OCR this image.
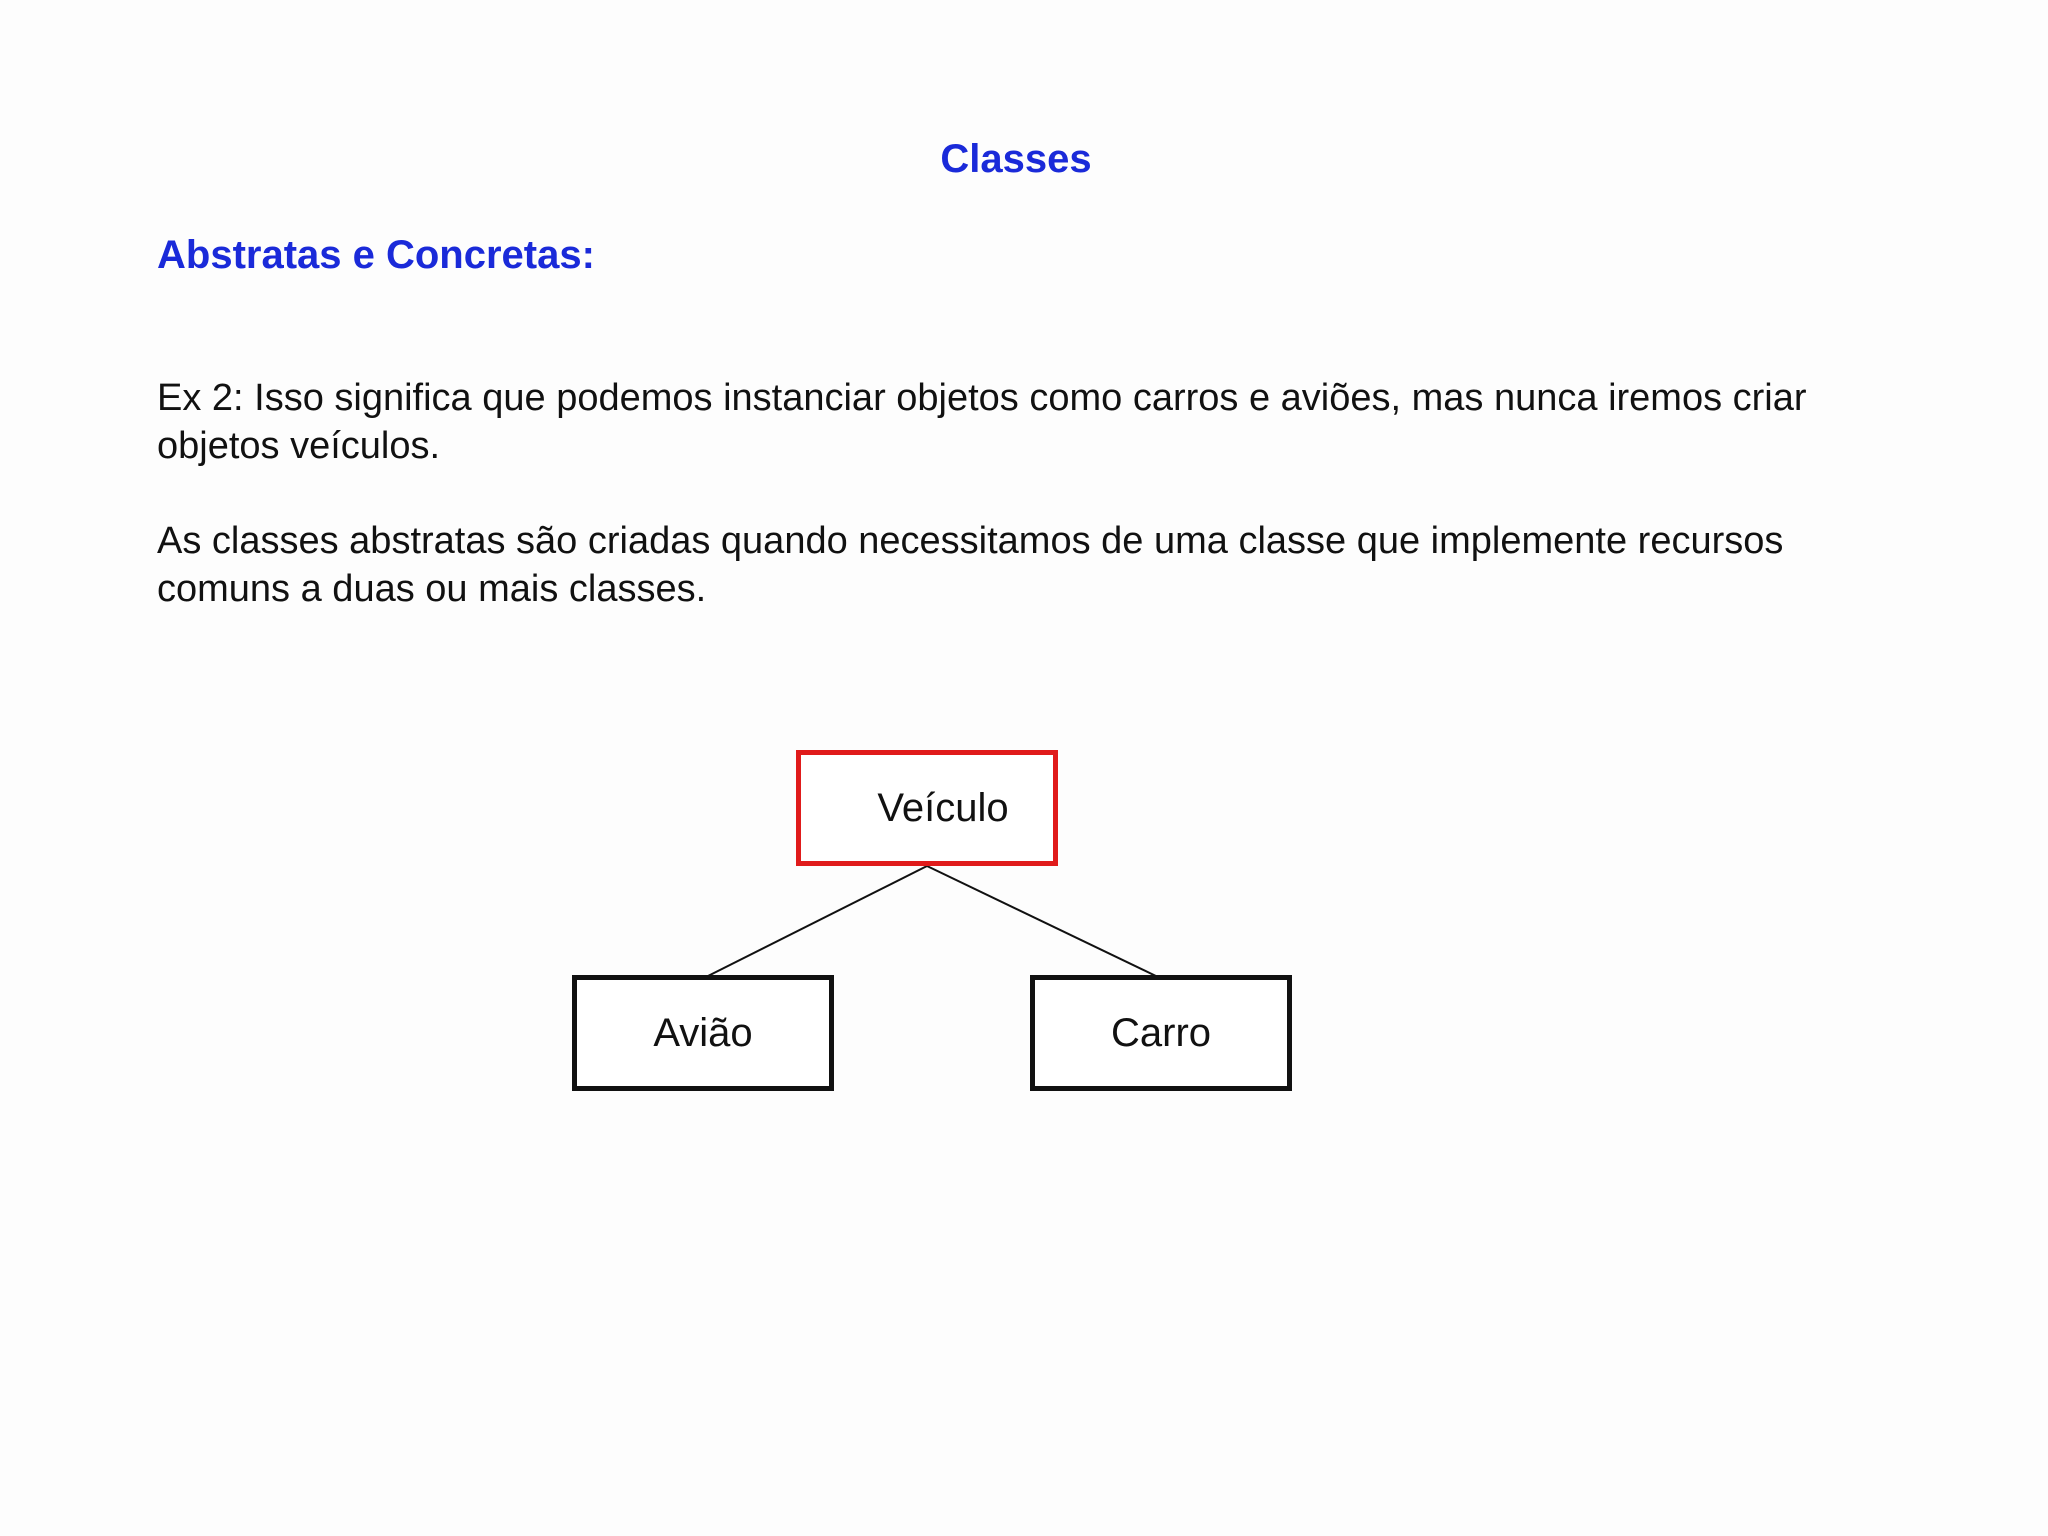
Classes
Abstratas e Concretas:

Ex 2: Isso significa que podemos instanciar objetos como carros e aviões, mas nunca iremos criar objetos veículos.

As classes abstratas são criadas quando necessitamos de uma classe que implemente recursos comuns a duas ou mais classes.

Veículo
Avião	Carro
